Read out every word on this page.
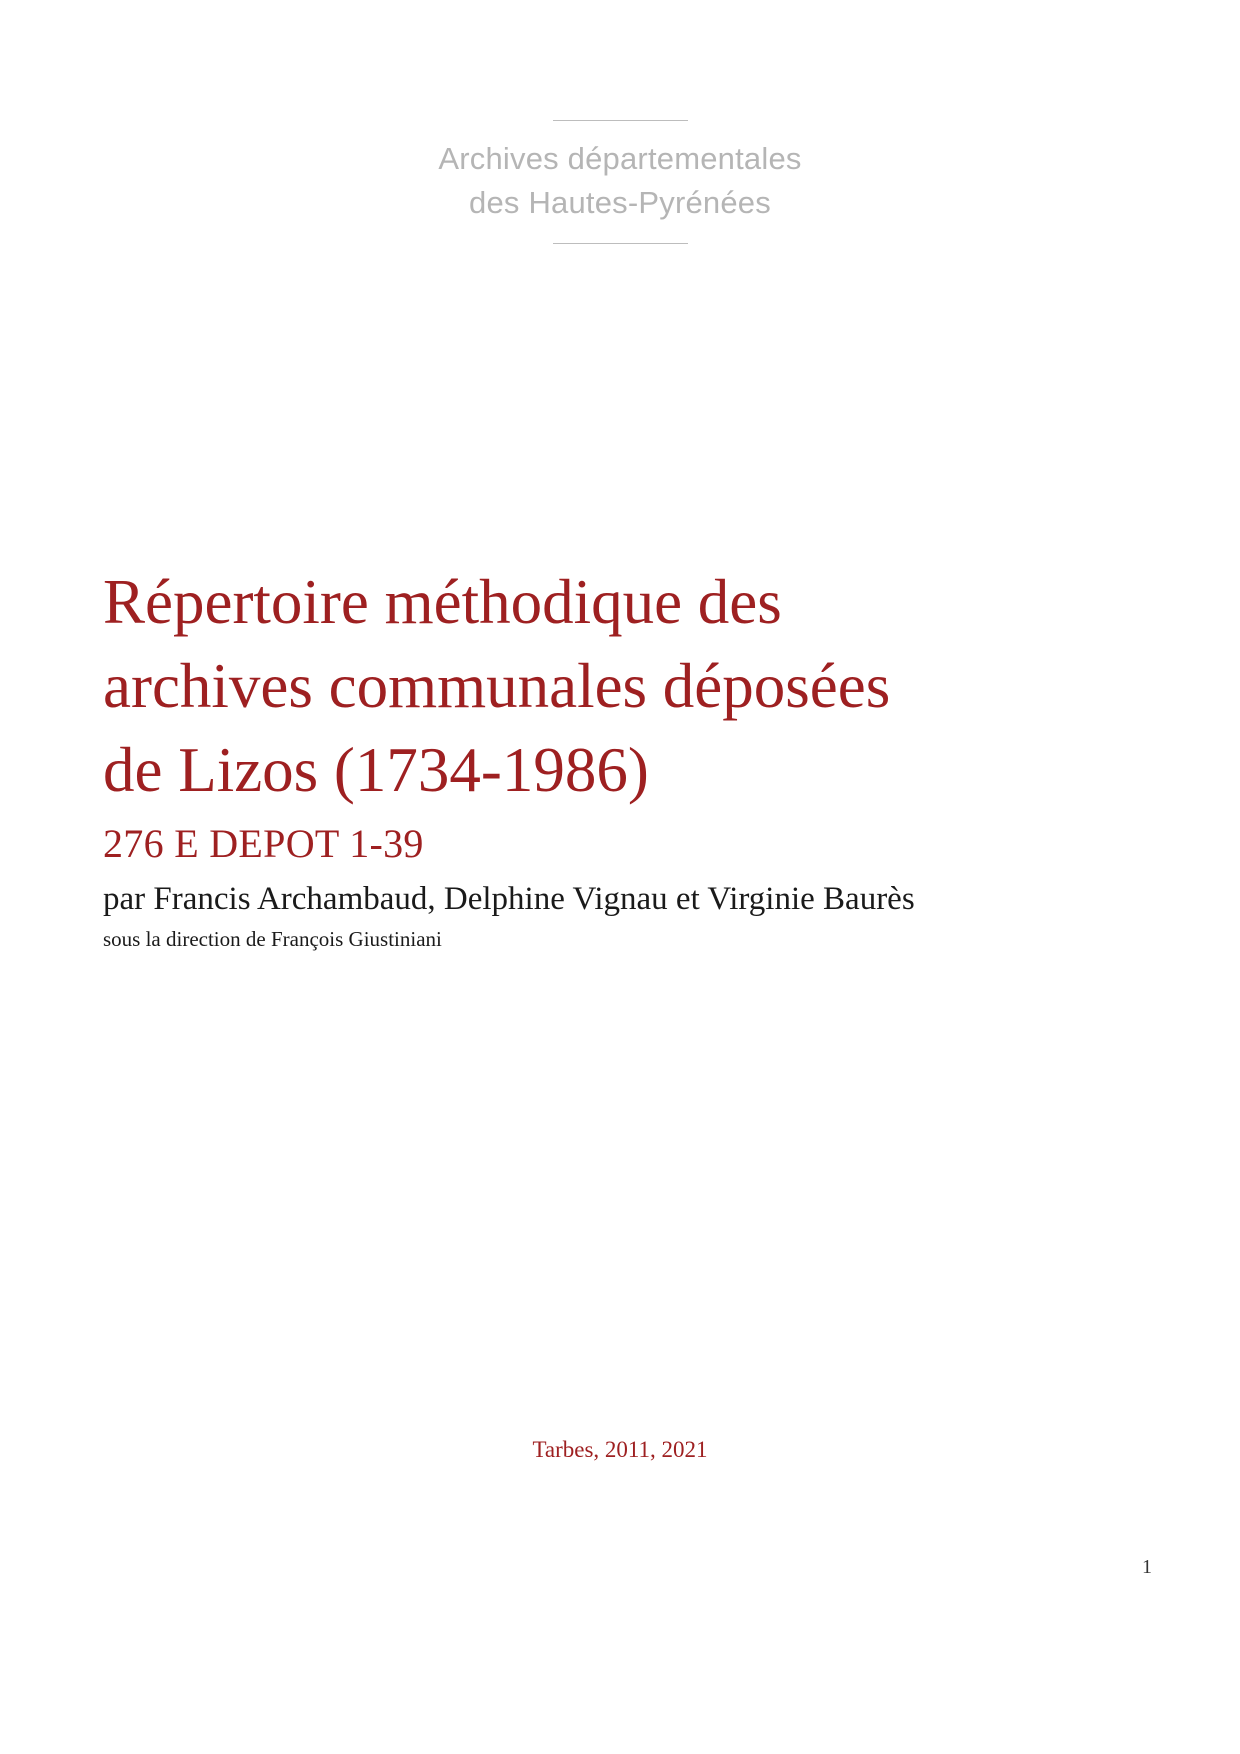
Archives départementales
des Hautes-Pyrénées
Répertoire méthodique des archives communales déposées de Lizos (1734-1986)
276 E DEPOT 1-39
par Francis Archambaud, Delphine Vignau et Virginie Baurès
sous la direction de François Giustiniani
Tarbes, 2011, 2021
1
